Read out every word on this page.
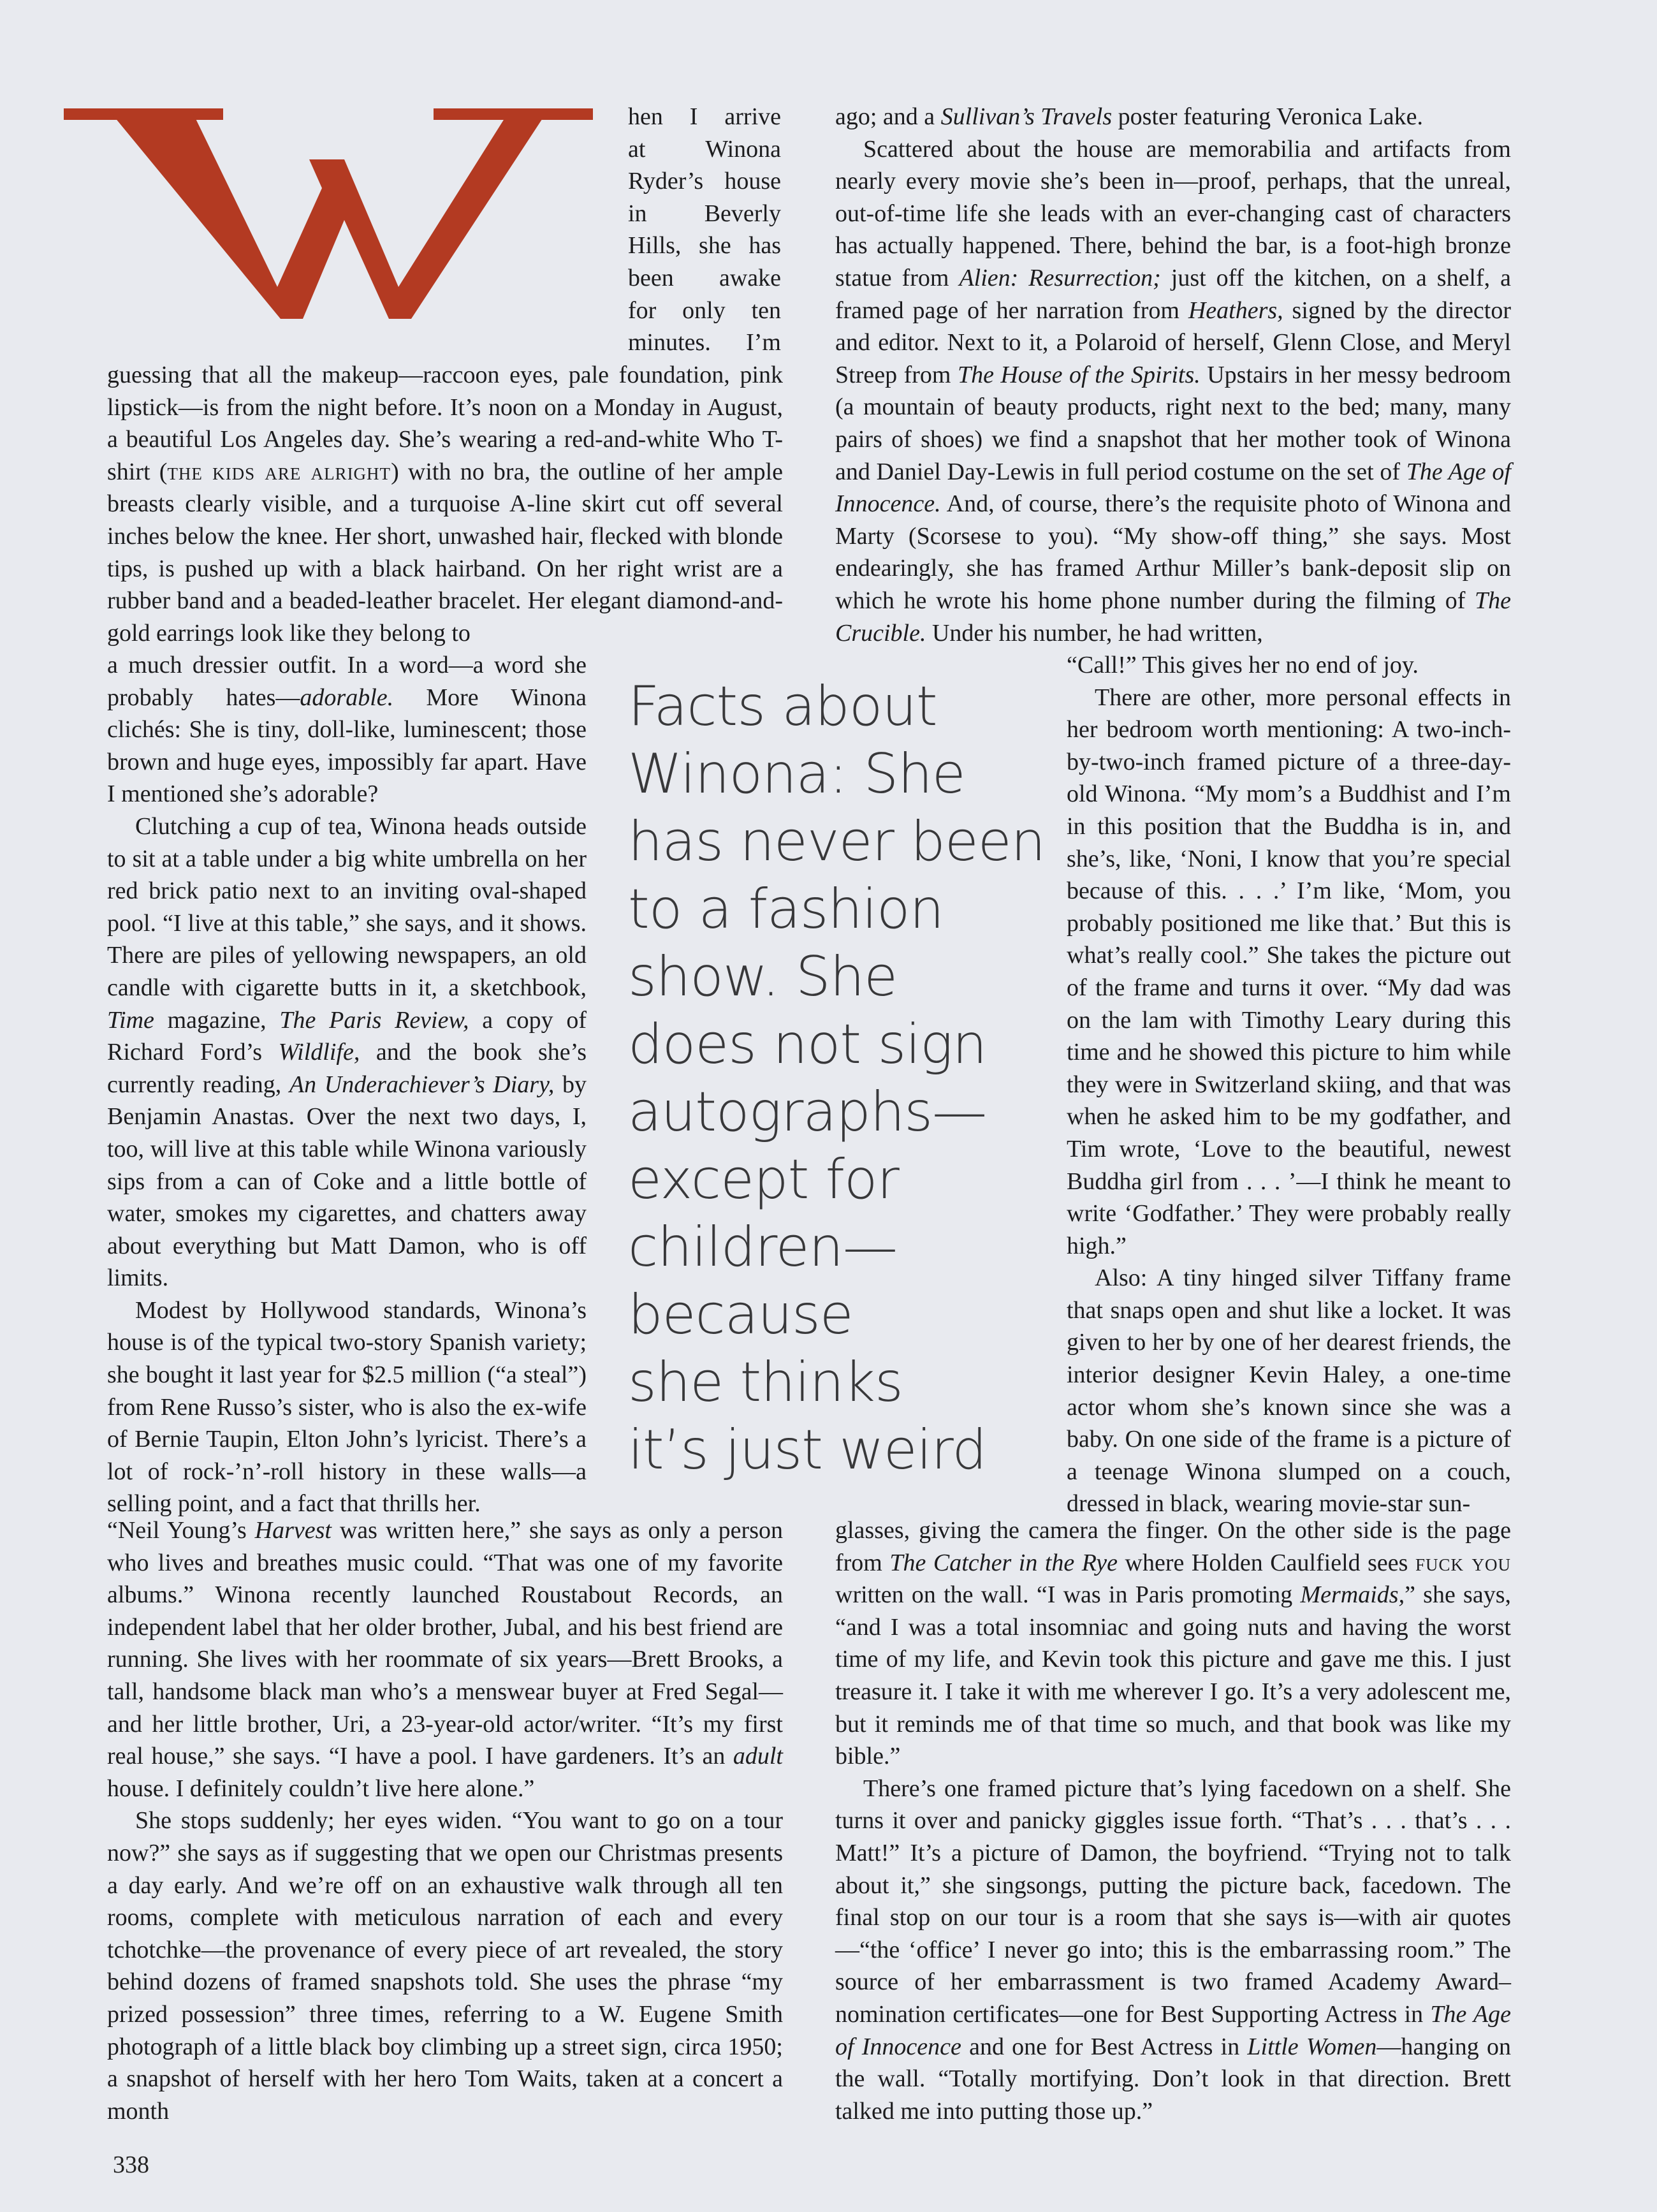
hen I arrive

at Winona

Ryder’s house

in Beverly

Hills, she has

been awake

for only ten

minutes. I’m

guessing that all the makeup—raccoon eyes, pale foundation, pink lipstick—is from the night before. It’s noon on a Monday in August, a beautiful Los Angeles day. She’s wearing a red-and-white Who T-shirt (the kids are alright) with no bra, the outline of her ample breasts clearly visible, and a turquoise A-line skirt cut off several inches below the knee. Her short, unwashed hair, flecked with blonde tips, is pushed up with a black hairband. On her right wrist are a rubber band and a beaded-leather bracelet. Her elegant diamond-and-gold earrings look like they belong to

a much dressier outfit. In a word—a word she probably hates—adorable. More Winona clichés: She is tiny, doll-like, luminescent; those brown and huge eyes, impossibly far apart. Have I mentioned she’s adorable?

Clutching a cup of tea, Winona heads outside to sit at a table under a big white umbrella on her red brick patio next to an inviting oval-shaped pool. “I live at this table,” she says, and it shows. There are piles of yellowing newspapers, an old candle with cigarette butts in it, a sketchbook, Time magazine, The Paris Review, a copy of Richard Ford’s Wildlife, and the book she’s currently reading, An Underachiever’s Diary, by Benjamin Anastas. Over the next two days, I, too, will live at this table while Winona variously sips from a can of Coke and a little bottle of water, smokes my cigarettes, and chatters away about everything but Matt Damon, who is off limits.

Modest by Hollywood standards, Winona’s house is of the typical two-story Spanish variety; she bought it last year for $2.5 million (“a steal”) from Rene Russo’s sister, who is also the ex-wife of Bernie Taupin, Elton John’s lyricist. There’s a lot of rock-’n’-roll history in these walls—a selling point, and a fact that thrills her.

“Neil Young’s Harvest was written here,” she says as only a person who lives and breathes music could. “That was one of my favorite albums.” Winona recently launched Roustabout Records, an independent label that her older brother, Jubal, and his best friend are running. She lives with her roommate of six years—Brett Brooks, a tall, handsome black man who’s a menswear buyer at Fred Segal—and her little brother, Uri, a 23-year-old actor/writer. “It’s my first real house,” she says. “I have a pool. I have gardeners. It’s an adult house. I definitely couldn’t live here alone.”

She stops suddenly; her eyes widen. “You want to go on a tour now?” she says as if suggesting that we open our Christmas presents a day early. And we’re off on an exhaustive walk through all ten rooms, complete with meticulous narration of each and every tchotchke—the provenance of every piece of art revealed, the story behind dozens of framed snapshots told. She uses the phrase “my prized possession” three times, referring to a W. Eugene Smith photograph of a little black boy climbing up a street sign, circa 1950; a snapshot of herself with her hero Tom Waits, taken at a concert a month

ago; and a Sullivan’s Travels poster featuring Veronica Lake.

Scattered about the house are memorabilia and artifacts from nearly every movie she’s been in—proof, perhaps, that the unreal, out-of-time life she leads with an ever-changing cast of characters has actually happened. There, behind the bar, is a foot-high bronze statue from Alien: Resurrection; just off the kitchen, on a shelf, a framed page of her narration from Heathers, signed by the director and editor. Next to it, a Polaroid of herself, Glenn Close, and Meryl Streep from The House of the Spirits. Upstairs in her messy bedroom (a mountain of beauty products, right next to the bed; many, many pairs of shoes) we find a snapshot that her mother took of Winona and Daniel Day-Lewis in full period costume on the set of The Age of Innocence. And, of course, there’s the requisite photo of Winona and Marty (Scorsese to you). “My show-off thing,” she says. Most endearingly, she has framed Arthur Miller’s bank-deposit slip on which he wrote his home phone number during the filming of The Crucible. Under his number, he had written,

“Call!” This gives her no end of joy.

There are other, more personal effects in her bedroom worth mentioning: A two-inch-by-two-inch framed picture of a three-day-old Winona. “My mom’s a Buddhist and I’m in this position that the Buddha is in, and she’s, like, ‘Noni, I know that you’re special because of this. . . .’ I’m like, ‘Mom, you probably positioned me like that.’ But this is what’s really cool.” She takes the picture out of the frame and turns it over. “My dad was on the lam with Timothy Leary during this time and he showed this picture to him while they were in Switzerland skiing, and that was when he asked him to be my godfather, and Tim wrote, ‘Love to the beautiful, newest Buddha girl from . . . ’—I think he meant to write ‘Godfather.’ They were probably really high.”

Also: A tiny hinged silver Tiffany frame that snaps open and shut like a locket. It was given to her by one of her dearest friends, the interior designer Kevin Haley, a one-time actor whom she’s known since she was a baby. On one side of the frame is a picture of a teenage Winona slumped on a couch, dressed in black, wearing movie-star sun-

glasses, giving the camera the finger. On the other side is the page from The Catcher in the Rye where Holden Caulfield sees fuck you written on the wall. “I was in Paris promoting Mermaids,” she says, “and I was a total insomniac and going nuts and having the worst time of my life, and Kevin took this picture and gave me this. I just treasure it. I take it with me wherever I go. It’s a very adolescent me, but it reminds me of that time so much, and that book was like my bible.”

There’s one framed picture that’s lying facedown on a shelf. She turns it over and panicky giggles issue forth. “That’s . . . that’s . . . Matt!” It’s a picture of Damon, the boyfriend. “Trying not to talk about it,” she singsongs, putting the picture back, facedown. The final stop on our tour is a room that she says is—with air quotes—“the ‘office’ I never go into; this is the embarrassing room.” The source of her embarrassment is two framed Academy Award–nomination certificates—one for Best Supporting Actress in The Age of Innocence and one for Best Actress in Little Women—hanging on the wall. “Totally mortifying. Don’t look in that direction. Brett talked me into putting those up.”

Facts about
Winona: She
has never been
to a fashion
show. She
does not sign
autographs—
except for
children—
because
she thinks
it’s just weird
338
